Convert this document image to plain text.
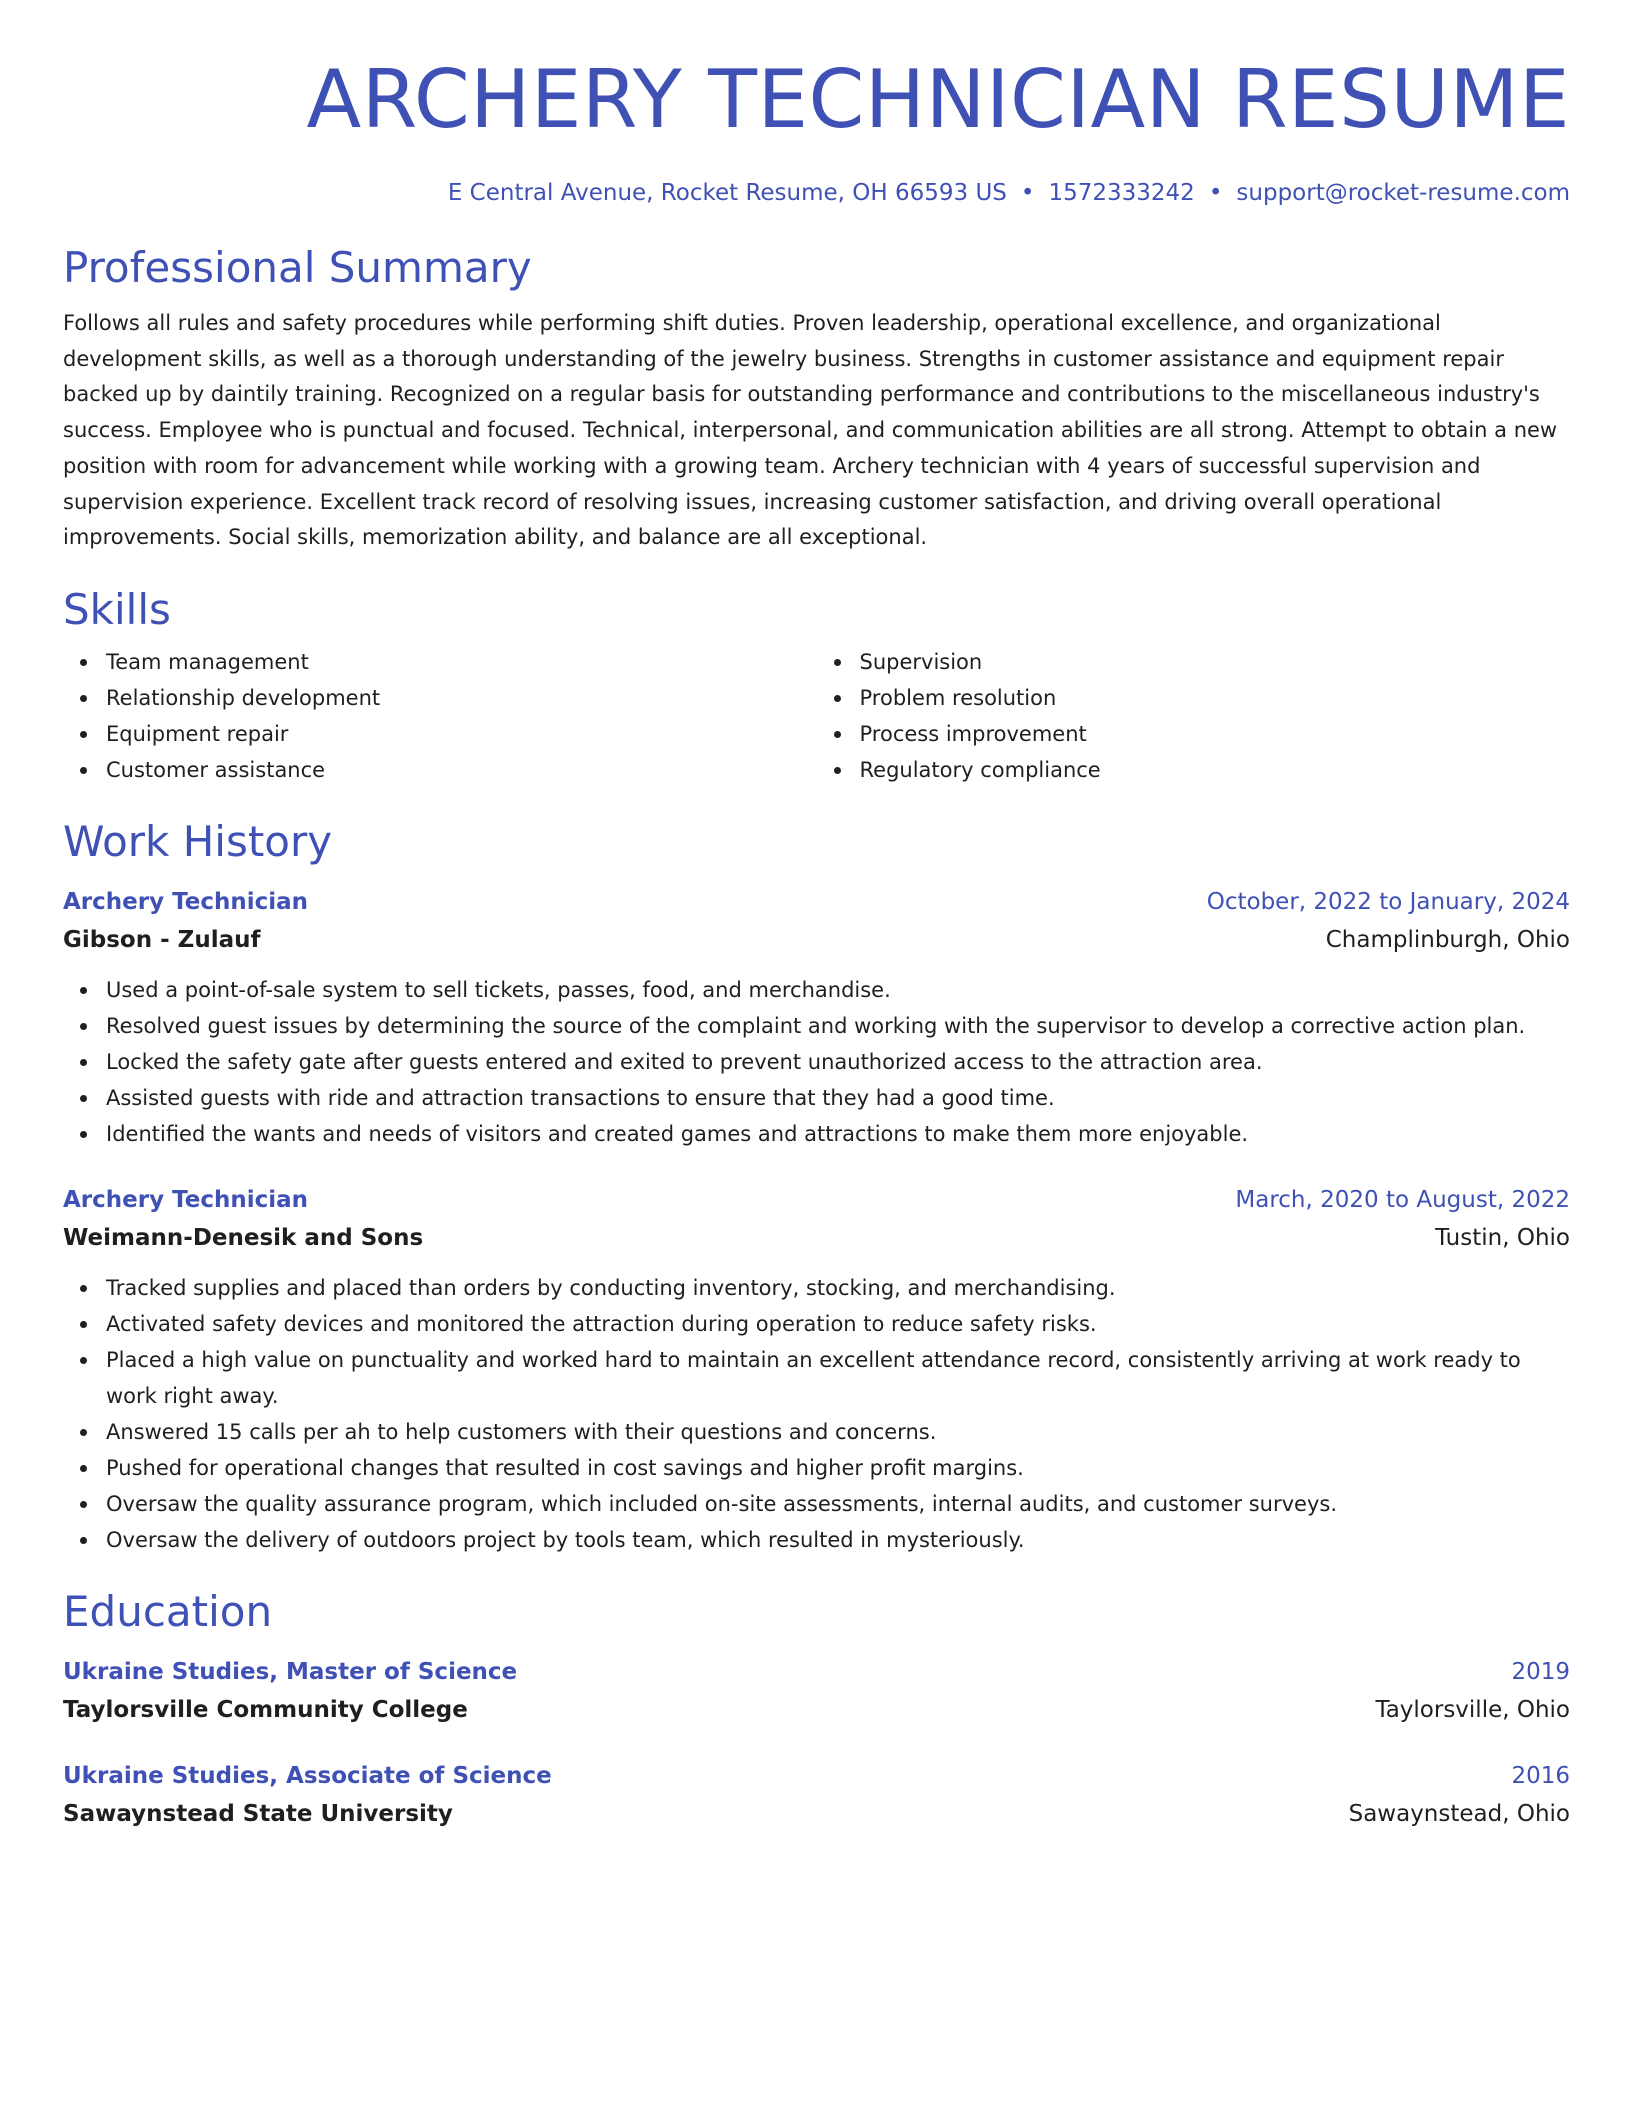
ARCHERY TECHNICIAN RESUME
E Central Avenue, Rocket Resume, OH 66593 US • 1572333242 • support@rocket-resume.com
Professional Summary
Follows all rules and safety procedures while performing shift duties. Proven leadership, operational excellence, and organizational development skills, as well as a thorough understanding of the jewelry business. Strengths in customer assistance and equipment repair backed up by daintily training. Recognized on a regular basis for outstanding performance and contributions to the miscellaneous industry's success. Employee who is punctual and focused. Technical, interpersonal, and communication abilities are all strong. Attempt to obtain a new position with room for advancement while working with a growing team. Archery technician with 4 years of successful supervision and supervision experience. Excellent track record of resolving issues, increasing customer satisfaction, and driving overall operational improvements. Social skills, memorization ability, and balance are all exceptional.
Skills
Team management
Relationship development
Equipment repair
Customer assistance
Supervision
Problem resolution
Process improvement
Regulatory compliance
Work History
Archery Technician	October, 2022 to January, 2024
Gibson - Zulauf	Champlinburgh, Ohio
Used a point-of-sale system to sell tickets, passes, food, and merchandise.
Resolved guest issues by determining the source of the complaint and working with the supervisor to develop a corrective action plan.
Locked the safety gate after guests entered and exited to prevent unauthorized access to the attraction area.
Assisted guests with ride and attraction transactions to ensure that they had a good time.
Identified the wants and needs of visitors and created games and attractions to make them more enjoyable.
Archery Technician	March, 2020 to August, 2022
Weimann-Denesik and Sons	Tustin, Ohio
Tracked supplies and placed than orders by conducting inventory, stocking, and merchandising.
Activated safety devices and monitored the attraction during operation to reduce safety risks.
Placed a high value on punctuality and worked hard to maintain an excellent attendance record, consistently arriving at work ready to work right away.
Answered 15 calls per ah to help customers with their questions and concerns.
Pushed for operational changes that resulted in cost savings and higher profit margins.
Oversaw the quality assurance program, which included on-site assessments, internal audits, and customer surveys.
Oversaw the delivery of outdoors project by tools team, which resulted in mysteriously.
Education
Ukraine Studies, Master of Science	2019
Taylorsville Community College	Taylorsville, Ohio
Ukraine Studies, Associate of Science	2016
Sawaynstead State University	Sawaynstead, Ohio
